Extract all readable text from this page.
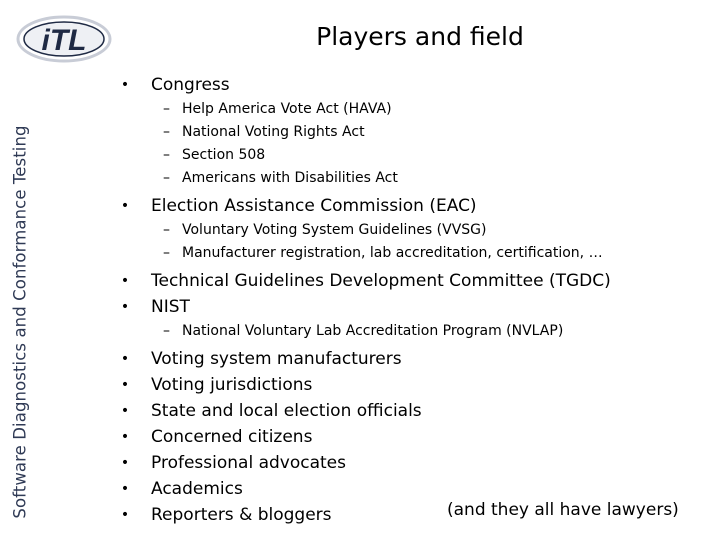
iTL	Players and field
Software Diagnostics and Conformance Testing
• Congress
– Help America Vote Act (HAVA)
– National Voting Rights Act
– Section 508
– Americans with Disabilities Act
• Election Assistance Commission (EAC)
– Voluntary Voting System Guidelines (VVSG)
– Manufacturer registration, lab accreditation, certification, …
• Technical Guidelines Development Committee (TGDC)
• NIST
– National Voluntary Lab Accreditation Program (NVLAP)
• Voting system manufacturers
• Voting jurisdictions
• State and local election officials
• Concerned citizens
• Professional advocates
• Academics
• Reporters & bloggers	(and they all have lawyers)
